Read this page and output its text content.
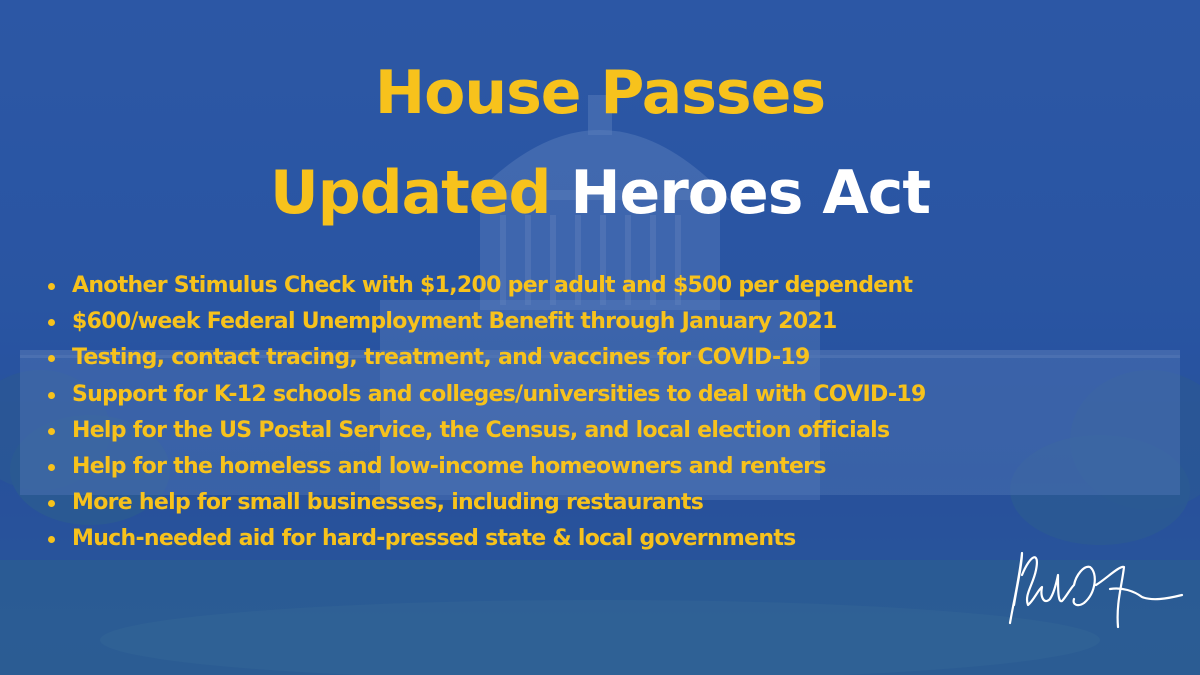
House Passes
Updated Heroes Act
Another Stimulus Check with $1,200 per adult and $500 per dependent
$600/week Federal Unemployment Benefit through January 2021
Testing, contact tracing, treatment, and vaccines for COVID-19
Support for K-12 schools and colleges/universities to deal with COVID-19
Help for the US Postal Service, the Census, and local election officials
Help for the homeless and low-income homeowners and renters
More help for small businesses, including restaurants
Much-needed aid for hard-pressed state & local governments
